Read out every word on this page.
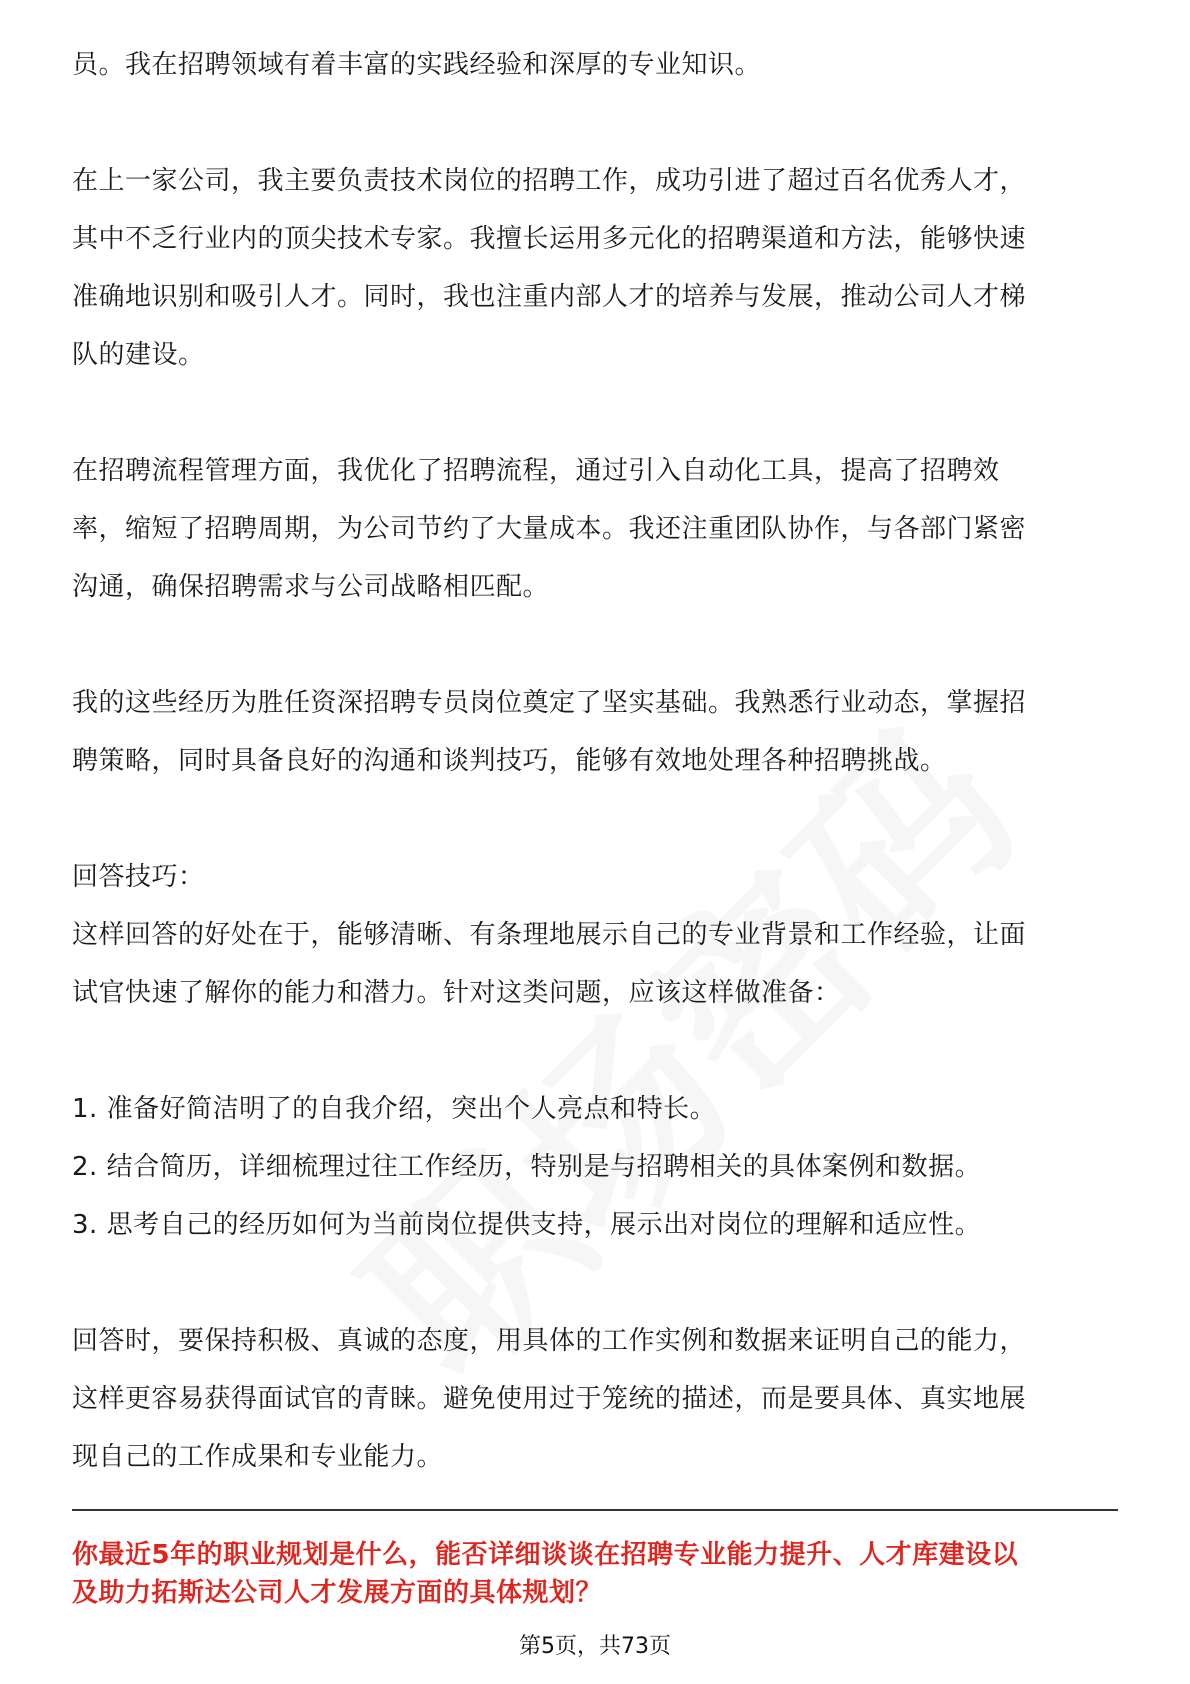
员。我在招聘领域有着丰富的实践经验和深厚的专业知识。

在上一家公司，我主要负责技术岗位的招聘工作，成功引进了超过百名优秀人才，

其中不乏行业内的顶尖技术专家。我擅长运用多元化的招聘渠道和方法，能够快速

准确地识别和吸引人才。同时，我也注重内部人才的培养与发展，推动公司人才梯

队的建设。

在招聘流程管理方面，我优化了招聘流程，通过引入自动化工具，提高了招聘效

率，缩短了招聘周期，为公司节约了大量成本。我还注重团队协作，与各部门紧密

沟通，确保招聘需求与公司战略相匹配。

我的这些经历为胜任资深招聘专员岗位奠定了坚实基础。我熟悉行业动态，掌握招

聘策略，同时具备良好的沟通和谈判技巧，能够有效地处理各种招聘挑战。

回答技巧：

这样回答的好处在于，能够清晰、有条理地展示自己的专业背景和工作经验，让面

试官快速了解你的能力和潜力。针对这类问题，应该这样做准备：

1. 准备好简洁明了的自我介绍，突出个人亮点和特长。

2. 结合简历，详细梳理过往工作经历，特别是与招聘相关的具体案例和数据。

3. 思考自己的经历如何为当前岗位提供支持，展示出对岗位的理解和适应性。

回答时，要保持积极、真诚的态度，用具体的工作实例和数据来证明自己的能力，

这样更容易获得面试官的青睐。避免使用过于笼统的描述，而是要具体、真实地展

现自己的工作成果和专业能力。

你最近5年的职业规划是什么，能否详细谈谈在招聘专业能力提升、人才库建设以
及助力拓斯达公司人才发展方面的具体规划？
第5页，共73页
